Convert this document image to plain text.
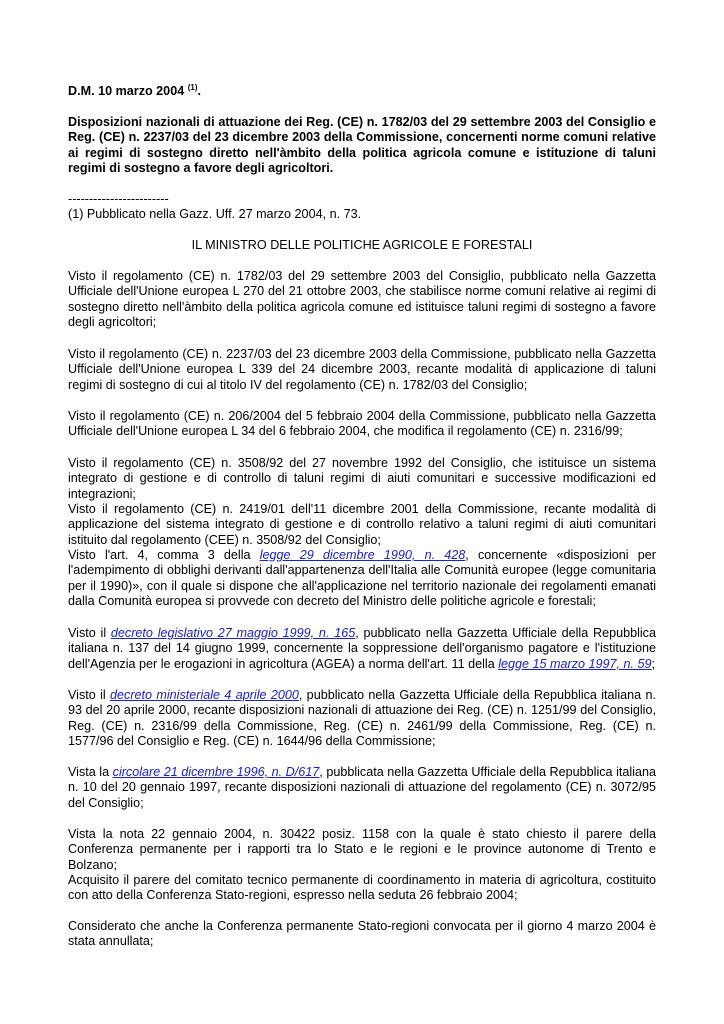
D.M. 10 marzo 2004 $^{(1)}$.

Disposizioni nazionali di attuazione dei Reg. (CE) n. 1782/03 del 29 settembre 2003 del Consiglio e Reg. (CE) n. 2237/03 del 23 dicembre 2003 della Commissione, concernenti norme comuni relative ai regimi di sostegno diretto nell'àmbito della politica agricola comune e istituzione di taluni regimi di sostegno a favore degli agricoltori.

------------------------

(1) Pubblicato nella Gazz. Uff. 27 marzo 2004, n. 73.

IL MINISTRO DELLE POLITICHE AGRICOLE E FORESTALI

Visto il regolamento (CE) n. 1782/03 del 29 settembre 2003 del Consiglio, pubblicato nella Gazzetta Ufficiale dell'Unione europea L 270 del 21 ottobre 2003, che stabilisce norme comuni relative ai regimi di sostegno diretto nell'àmbito della politica agricola comune ed istituisce taluni regimi di sostegno a favore degli agricoltori;

Visto il regolamento (CE) n. 2237/03 del 23 dicembre 2003 della Commissione, pubblicato nella Gazzetta Ufficiale dell'Unione europea L 339 del 24 dicembre 2003, recante modalità di applicazione di taluni regimi di sostegno di cui al titolo IV del regolamento (CE) n. 1782/03 del Consiglio;

Visto il regolamento (CE) n. 206/2004 del 5 febbraio 2004 della Commissione, pubblicato nella Gazzetta Ufficiale dell'Unione europea L 34 del 6 febbraio 2004, che modifica il regolamento (CE) n. 2316/99;

Visto il regolamento (CE) n. 3508/92 del 27 novembre 1992 del Consiglio, che istituisce un sistema integrato di gestione e di controllo di taluni regimi di aiuti comunitari e successive modificazioni ed integrazioni;

Visto il regolamento (CE) n. 2419/01 dell'11 dicembre 2001 della Commissione, recante modalità di applicazione del sistema integrato di gestione e di controllo relativo a taluni regimi di aiuti comunitari istituito dal regolamento (CEE) n. 3508/92 del Consiglio;

Visto l'art. 4, comma 3 della legge 29 dicembre 1990, n. 428, concernente «disposizioni per l'adempimento di obblighi derivanti dall'appartenenza dell'Italia alle Comunità europee (legge comunitaria per il 1990)», con il quale si dispone che all'applicazione nel territorio nazionale dei regolamenti emanati dalla Comunità europea si provvede con decreto del Ministro delle politiche agricole e forestali;

Visto il decreto legislativo 27 maggio 1999, n. 165, pubblicato nella Gazzetta Ufficiale della Repubblica italiana n. 137 del 14 giugno 1999, concernente la soppressione dell'organismo pagatore e l'istituzione dell'Agenzia per le erogazioni in agricoltura (AGEA) a norma dell'art. 11 della legge 15 marzo 1997, n. 59;

Visto il decreto ministeriale 4 aprile 2000, pubblicato nella Gazzetta Ufficiale della Repubblica italiana n. 93 del 20 aprile 2000, recante disposizioni nazionali di attuazione dei Reg. (CE) n. 1251/99 del Consiglio, Reg. (CE) n. 2316/99 della Commissione, Reg. (CE) n. 2461/99 della Commissione, Reg. (CE) n. 1577/96 del Consiglio e Reg. (CE) n. 1644/96 della Commissione;

Vista la circolare 21 dicembre 1996, n. D/617, pubblicata nella Gazzetta Ufficiale della Repubblica italiana n. 10 del 20 gennaio 1997, recante disposizioni nazionali di attuazione del regolamento (CE) n. 3072/95 del Consiglio;

Vista la nota 22 gennaio 2004, n. 30422 posiz. 1158 con la quale è stato chiesto il parere della Conferenza permanente per i rapporti tra lo Stato e le regioni e le province autonome di Trento e Bolzano;

Acquisito il parere del comitato tecnico permanente di coordinamento in materia di agricoltura, costituito con atto della Conferenza Stato-regioni, espresso nella seduta 26 febbraio 2004;

Considerato che anche la Conferenza permanente Stato-regioni convocata per il giorno 4 marzo 2004 è stata annullata;
